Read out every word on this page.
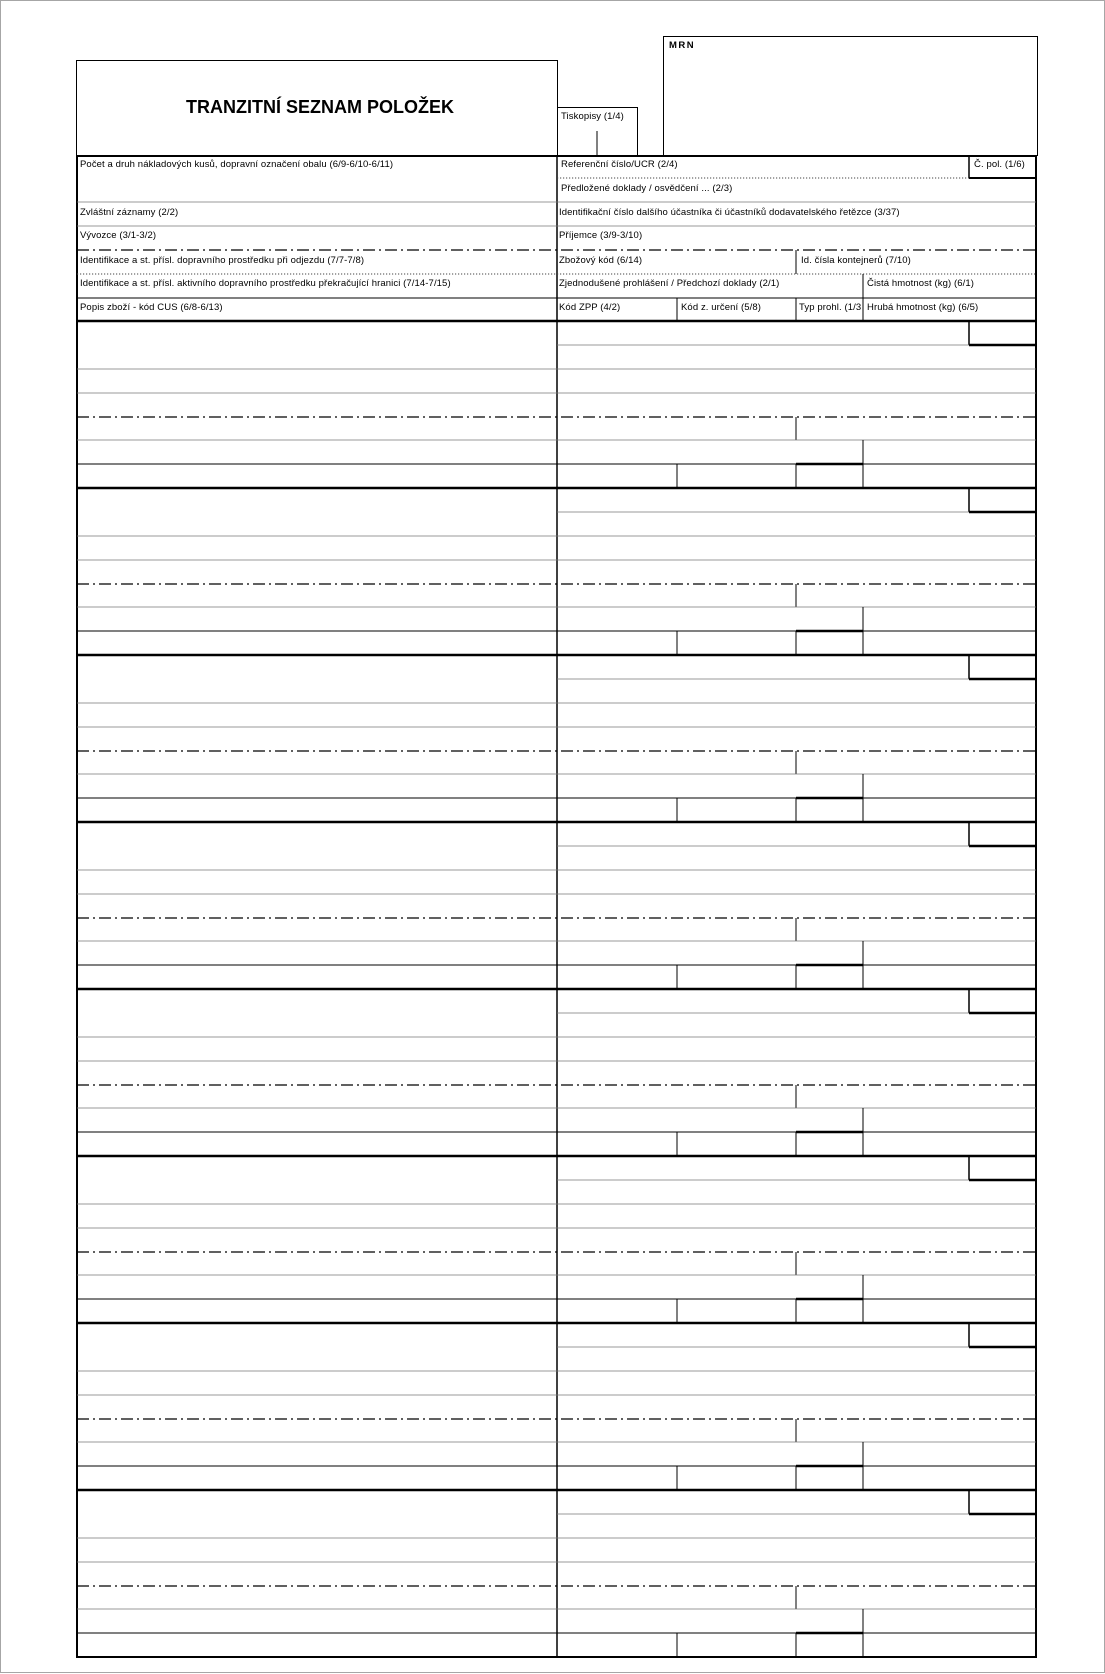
TRANZITNÍ SEZNAM POLOŽEK	Tiskopisy (1/4)
MRN
Počet a druh nákladových kusů, dopravní označení obalu (6/9-6/10-6/11)	Referenční číslo/UCR (2/4)	Č. pol. (1/6)
Předložené doklady / osvědčení ... (2/3)
Zvláštní záznamy (2/2)	Identifikační číslo dalšího účastníka či účastníků dodavatelského řetězce (3/37)
Vývozce (3/1-3/2)	Příjemce (3/9-3/10)
Identifikace a st. přísl. dopravního prostředku při odjezdu (7/7-7/8)	Zbožový kód (6/14)	Id. čísla kontejnerů (7/10)
Identifikace a st. přísl. aktivního dopravního prostředku překračující hranici (7/14-7/15)	Zjednodušené prohlášení / Předchozí doklady (2/1)	Čistá hmotnost (kg) (6/1)
Popis zboží - kód CUS (6/8-6/13)	Kód ZPP (4/2)	Kód z. určení (5/8)	Typ prohl. (1/3 Hrubá hmotnost (kg) (6/5)
